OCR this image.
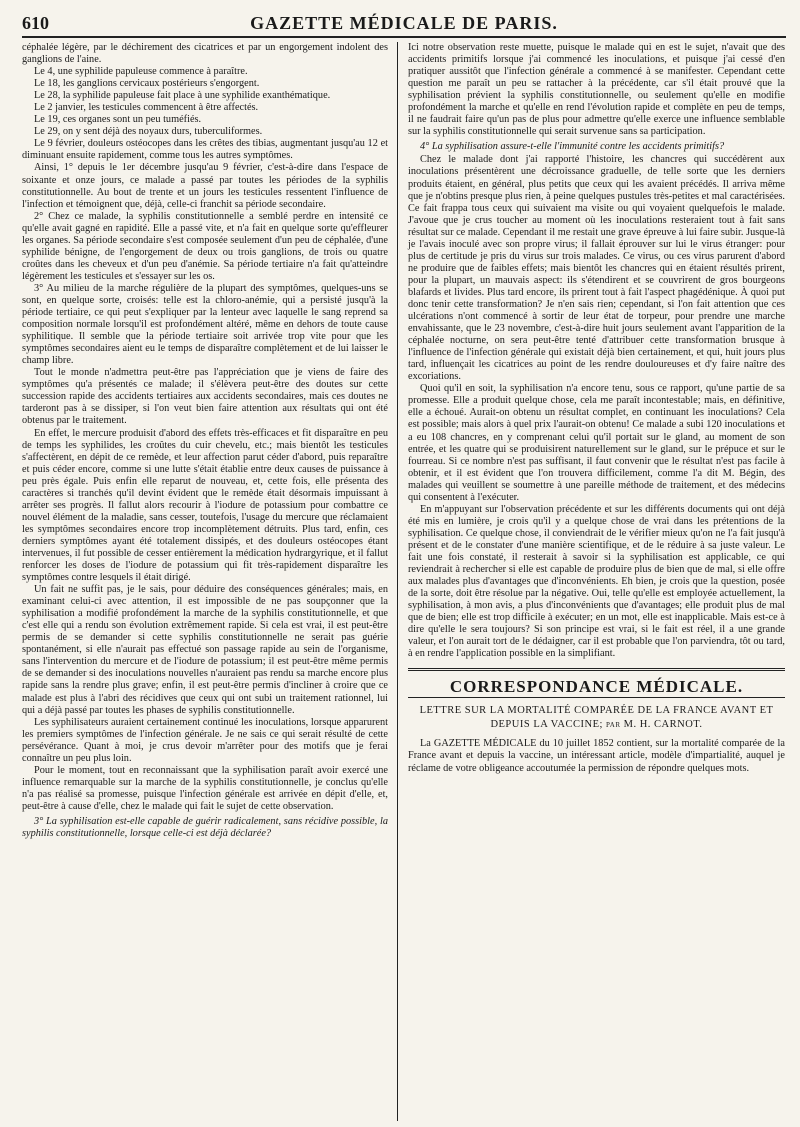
GAZETTE MÉDICALE DE PARIS.
610

céphalée légère, par le déchirement des cicatrices et par un engorgement indolent des ganglions de l'aine.

Le 4, une syphilide papuleuse commence à paraître.

Le 18, les ganglions cervicaux postérieurs s'engorgent.

Le 28, la syphilide papuleuse fait place à une syphilide exanthématique.

Le 2 janvier, les testicules commencent à être affectés.

Le 19, ces organes sont un peu tuméfiés.

Le 29, on y sent déjà des noyaux durs, tuberculiformes.

Le 9 février, douleurs ostéocopes dans les crêtes des tibias, augmentant jusqu'au 12 et diminuant ensuite rapidement, comme tous les autres symptômes.

Ainsi, 1° depuis le 1er décembre jusqu'au 9 février, c'est-à-dire dans l'espace de soixante et onze jours, ce malade a passé par toutes les périodes de la syphilis constitutionnelle. Au bout de trente et un jours les testicules ressentent l'influence de l'infection et témoignent que, déjà, celle-ci franchit sa période secondaire.

2° Chez ce malade, la syphilis constitutionnelle a semblé perdre en intensité ce qu'elle avait gagné en rapidité. Elle a passé vite, et n'a fait en quelque sorte qu'effleurer les organes. Sa période secondaire s'est composée seulement d'un peu de céphalée, d'une syphilide bénigne, de l'engorgement de deux ou trois ganglions, de trois ou quatre croûtes dans les cheveux et d'un peu d'anémie. Sa période tertiaire n'a fait qu'atteindre légèrement les testicules et s'essayer sur les os.

3° Au milieu de la marche régulière de la plupart des symptômes, quelques-uns se sont, en quelque sorte, croisés: telle est la chloro-anémie, qui a persisté jusqu'à la période tertiaire, ce qui peut s'expliquer par la lenteur avec laquelle le sang reprend sa composition normale lorsqu'il est profondément altéré, même en dehors de toute cause syphilitique. Il semble que la période tertiaire soit arrivée trop vite pour que les symptômes secondaires aient eu le temps de disparaître complètement et de lui laisser le champ libre.

Tout le monde n'admettra peut-être pas l'appréciation que je viens de faire des symptômes qu'a présentés ce malade; il s'élèvera peut-être des doutes sur cette succession rapide des accidents tertiaires aux accidents secondaires, mais ces doutes ne tarderont pas à se dissiper, si l'on veut bien faire attention aux résultats qui ont été obtenus par le traitement.

En effet, le mercure produisit d'abord des effets très-efficaces et fit disparaître en peu de temps les syphilides, les croûtes du cuir chevelu, etc.; mais bientôt les testicules s'affectèrent, en dépit de ce remède, et leur affection parut céder d'abord, puis reparaître et puis céder encore, comme si une lutte s'était établie entre deux causes de puissance à peu près égale. Puis enfin elle reparut de nouveau, et, cette fois, elle présenta des caractères si tranchés qu'il devint évident que le remède était désormais impuissant à arrêter ses progrès. Il fallut alors recourir à l'iodure de potassium pour combattre ce nouvel élément de la maladie, sans cesser, toutefois, l'usage du mercure que réclamaient les symptômes secondaires encore trop incomplètement détruits. Plus tard, enfin, ces derniers symptômes ayant été totalement dissipés, et des douleurs ostéocopes étant intervenues, il fut possible de cesser entièrement la médication hydrargyrique, et il fallut renforcer les doses de l'iodure de potassium qui fit très-rapidement disparaître les symptômes contre lesquels il était dirigé.

Un fait ne suffit pas, je le sais, pour déduire des conséquences générales; mais, en examinant celui-ci avec attention, il est impossible de ne pas soupçonner que la syphilisation a modifié profondément la marche de la syphilis constitutionnelle, et que c'est elle qui a rendu son évolution extrêmement rapide. Si cela est vrai, il est peut-être permis de se demander si cette syphilis constitutionnelle ne serait pas guérie spontanément, si elle n'aurait pas effectué son passage rapide au sein de l'organisme, sans l'intervention du mercure et de l'iodure de potassium; il est peut-être même permis de se demander si des inoculations nouvelles n'auraient pas rendu sa marche encore plus rapide sans la rendre plus grave; enfin, il est peut-être permis d'incliner à croire que ce malade est plus à l'abri des récidives que ceux qui ont subi un traitement rationnel, lui qui a déjà passé par toutes les phases de syphilis constitutionnelle.

Les syphilisateurs auraient certainement continué les inoculations, lorsque apparurent les premiers symptômes de l'infection générale. Je ne sais ce qui serait résulté de cette persévérance. Quant à moi, je crus devoir m'arrêter pour des motifs que je ferai connaître un peu plus loin.

Pour le moment, tout en reconnaissant que la syphilisation paraît avoir exercé une influence remarquable sur la marche de la syphilis constitutionnelle, je conclus qu'elle n'a pas réalisé sa promesse, puisque l'infection générale est arrivée en dépit d'elle, et, peut-être à cause d'elle, chez le malade qui fait le sujet de cette observation.

3° La syphilisation est-elle capable de guérir radicalement, sans récidive possible, la syphilis constitutionnelle, lorsque celle-ci est déjà déclarée?

Ici notre observation reste muette, puisque le malade qui en est le sujet, n'avait que des accidents primitifs lorsque j'ai commencé les inoculations, et puisque j'ai cessé d'en pratiquer aussitôt que l'infection générale a commencé à se manifester. Cependant cette question me paraît un peu se rattacher à la précédente, car s'il était prouvé que la syphilisation prévient la syphilis constitutionnelle, ou seulement qu'elle en modifie profondément la marche et qu'elle en rend l'évolution rapide et complète en peu de temps, il ne faudrait faire qu'un pas de plus pour admettre qu'elle exerce une influence semblable sur la syphilis constitutionnelle qui serait survenue sans sa participation.

4° La syphilisation assure-t-elle l'immunité contre les accidents primitifs?

Chez le malade dont j'ai rapporté l'histoire, les chancres qui succédèrent aux inoculations présentèrent une décroissance graduelle, de telle sorte que les derniers produits étaient, en général, plus petits que ceux qui les avaient précédés. Il arriva même que je n'obtins presque plus rien, à peine quelques pustules très-petites et mal caractérisées. Ce fait frappa tous ceux qui suivaient ma visite ou qui voyaient quelquefois le malade. J'avoue que je crus toucher au moment où les inoculations resteraient tout à fait sans résultat sur ce malade. Cependant il me restait une grave épreuve à lui faire subir. Jusque-là je l'avais inoculé avec son propre virus; il fallait éprouver sur lui le virus étranger: pour plus de certitude je pris du virus sur trois malades. Ce virus, ou ces virus parurent d'abord ne produire que de faibles effets; mais bientôt les chancres qui en étaient résultés prirent, pour la plupart, un mauvais aspect: ils s'étendirent et se couvrirent de gros bourgeons blafards et livides. Plus tard encore, ils prirent tout à fait l'aspect phagédénique. À quoi put donc tenir cette transformation? Je n'en sais rien; cependant, si l'on fait attention que ces ulcérations n'ont commencé à sortir de leur état de torpeur, pour prendre une marche envahissante, que le 23 novembre, c'est-à-dire huit jours seulement avant l'apparition de la céphalée nocturne, on sera peut-être tenté d'attribuer cette transformation brusque à l'influence de l'infection générale qui existait déjà bien certainement, et qui, huit jours plus tard, influençait les cicatrices au point de les rendre douloureuses et d'y faire naître des excoriations.

Quoi qu'il en soit, la syphilisation n'a encore tenu, sous ce rapport, qu'une partie de sa promesse. Elle a produit quelque chose, cela me paraît incontestable; mais, en définitive, elle a échoué. Aurait-on obtenu un résultat complet, en continuant les inoculations? Cela est possible; mais alors à quel prix l'aurait-on obtenu! Ce malade a subi 120 inoculations et a eu 108 chancres, en y comprenant celui qu'il portait sur le gland, au moment de son entrée, et les quatre qui se produisirent naturellement sur le gland, sur le prépuce et sur le fourreau. Si ce nombre n'est pas suffisant, il faut convenir que le résultat n'est pas facile à obtenir, et il est évident que l'on trouvera difficilement, comme l'a dit M. Bégin, des malades qui veuillent se soumettre à une pareille méthode de traitement, et des médecins qui consentent à l'exécuter.

En m'appuyant sur l'observation précédente et sur les différents documents qui ont déjà été mis en lumière, je crois qu'il y a quelque chose de vrai dans les prétentions de la syphilisation. Ce quelque chose, il conviendrait de le vérifier mieux qu'on ne l'a fait jusqu'à présent et de le constater d'une manière scientifique, et de le réduire à sa juste valeur. Le fait une fois constaté, il resterait à savoir si la syphilisation est applicable, ce qui reviendrait à rechercher si elle est capable de produire plus de bien que de mal, si elle offre aux malades plus d'avantages que d'inconvénients. Eh bien, je crois que la question, posée de la sorte, doit être résolue par la négative. Oui, telle qu'elle est employée actuellement, la syphilisation, à mon avis, a plus d'inconvénients que d'avantages; elle produit plus de mal que de bien; elle est trop difficile à exécuter; en un mot, elle est inapplicable. Mais est-ce à dire qu'elle le sera toujours? Si son principe est vrai, si le fait est réel, il a une grande valeur, et l'on aurait tort de le dédaigner, car il est probable que l'on parviendra, tôt ou tard, à en rendre l'application possible en la simplifiant.

CORRESPONDANCE MÉDICALE.
LETTRE SUR LA MORTALITÉ COMPARÉE DE LA FRANCE AVANT ET DEPUIS LA VACCINE; par M. H. CARNOT.

La GAZETTE MÉDICALE du 10 juillet 1852 contient, sur la mortalité comparée de la France avant et depuis la vaccine, un intéressant article, modèle d'impartialité, auquel je réclame de votre obligeance accoutumée la permission de répondre quelques mots.
